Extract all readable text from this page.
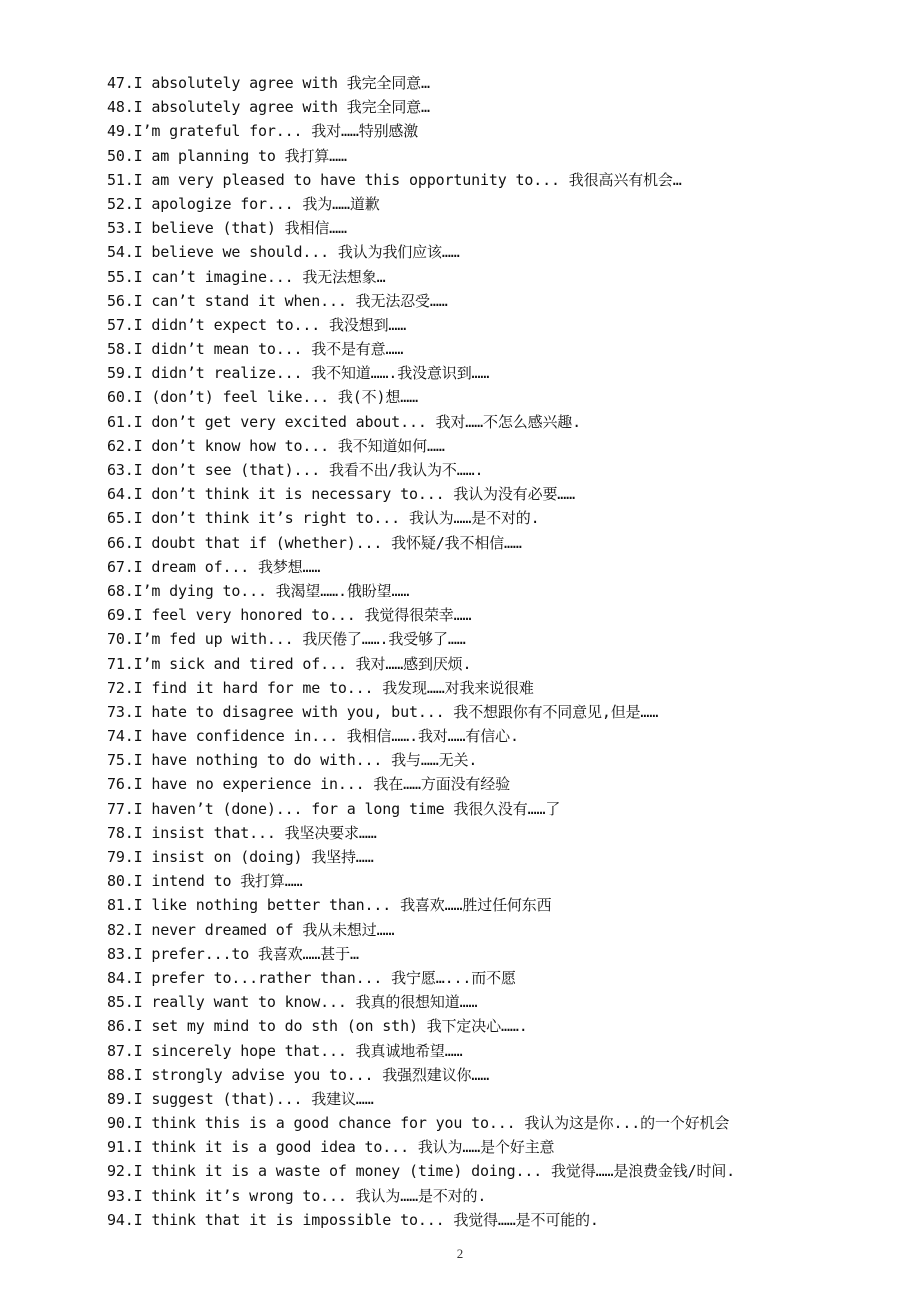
47.I absolutely agree with 我完全同意…
48.I absolutely agree with 我完全同意…
49.I’m grateful for... 我对……特别感激
50.I am planning to 我打算……
51.I am very pleased to have this opportunity to... 我很高兴有机会…
52.I apologize for... 我为……道歉
53.I believe (that) 我相信……
54.I believe we should... 我认为我们应该……
55.I can’t imagine... 我无法想象…
56.I can’t stand it when... 我无法忍受……
57.I didn’t expect to... 我没想到……
58.I didn’t mean to... 我不是有意……
59.I didn’t realize... 我不知道…….我没意识到……
60.I (don’t) feel like... 我(不)想……
61.I don’t get very excited about... 我对……不怎么感兴趣.
62.I don’t know how to... 我不知道如何……
63.I don’t see (that)... 我看不出/我认为不…….
64.I don’t think it is necessary to... 我认为没有必要……
65.I don’t think it’s right to... 我认为……是不对的.
66.I doubt that if (whether)... 我怀疑/我不相信……
67.I dream of... 我梦想……
68.I’m dying to... 我渴望…….俄盼望……
69.I feel very honored to... 我觉得很荣幸……
70.I’m fed up with... 我厌倦了…….我受够了……
71.I’m sick and tired of... 我对……感到厌烦.
72.I find it hard for me to... 我发现……对我来说很难
73.I hate to disagree with you, but... 我不想跟你有不同意见,但是……
74.I have confidence in... 我相信…….我对……有信心.
75.I have nothing to do with... 我与……无关.
76.I have no experience in... 我在……方面没有经验
77.I haven’t (done)... for a long time 我很久没有……了
78.I insist that... 我坚决要求……
79.I insist on (doing) 我坚持……
80.I intend to 我打算……
81.I like nothing better than... 我喜欢……胜过任何东西
82.I never dreamed of 我从未想过……
83.I prefer...to 我喜欢……甚于…
84.I prefer to...rather than... 我宁愿…...而不愿
85.I really want to know... 我真的很想知道……
86.I set my mind to do sth (on sth) 我下定决心…….
87.I sincerely hope that... 我真诚地希望……
88.I strongly advise you to... 我强烈建议你……
89.I suggest (that)... 我建议……
90.I think this is a good chance for you to... 我认为这是你...的一个好机会
91.I think it is a good idea to... 我认为……是个好主意
92.I think it is a waste of money (time) doing... 我觉得……是浪费金钱/时间.
93.I think it’s wrong to... 我认为……是不对的.
94.I think that it is impossible to... 我觉得……是不可能的.
2
